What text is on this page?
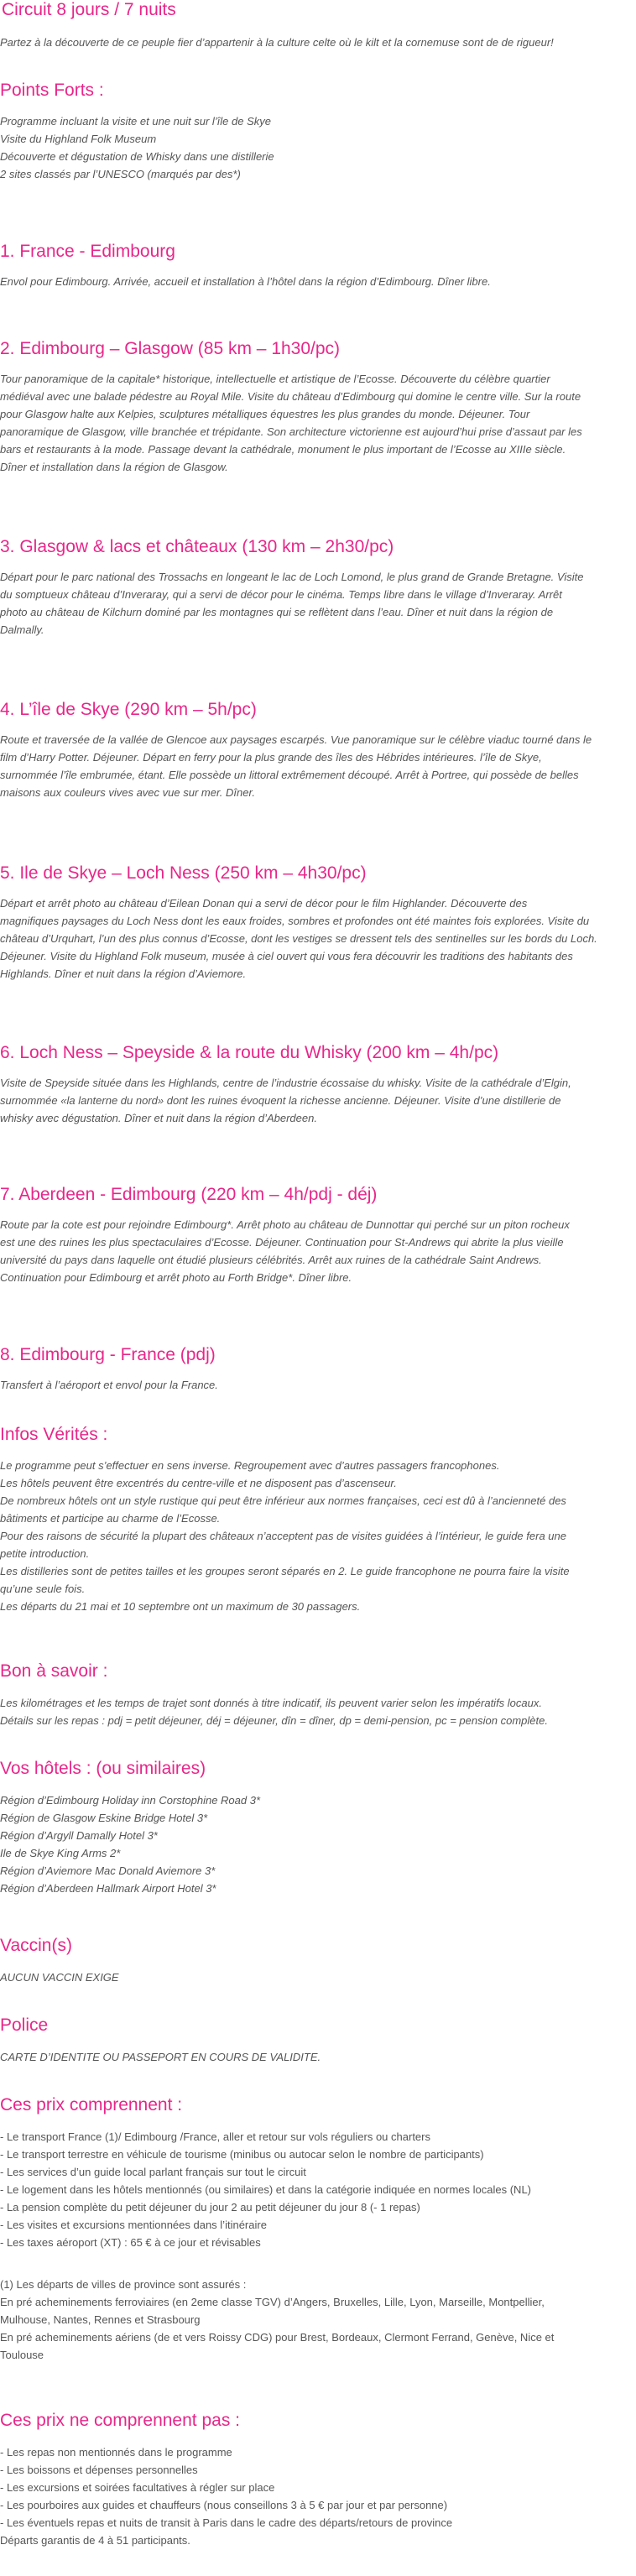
Circuit 8 jours / 7 nuits

Partez à la découverte de ce peuple fier d’appartenir à la culture celte où le kilt et la cornemuse sont de de rigueur!

Points Forts :

Programme incluant la visite et une nuit sur l’île de Skye
Visite du Highland Folk Museum
Découverte et dégustation de Whisky dans une distillerie
2 sites classés par l’UNESCO (marqués par des*)

1. France - Edimbourg

Envol pour Edimbourg. Arrivée, accueil et installation à l’hôtel dans la région d’Edimbourg. Dîner libre.

2. Edimbourg – Glasgow (85 km – 1h30/pc)

Tour panoramique de la capitale* historique, intellectuelle et artistique de l’Ecosse. Découverte du célèbre quartier
médiéval avec une balade pédestre au Royal Mile. Visite du château d’Edimbourg qui domine le centre ville. Sur la route
pour Glasgow halte aux Kelpies, sculptures métalliques équestres les plus grandes du monde. Déjeuner. Tour
panoramique de Glasgow, ville branchée et trépidante. Son architecture victorienne est aujourd’hui prise d’assaut par les
bars et restaurants à la mode. Passage devant la cathédrale, monument le plus important de l’Ecosse au XIIIe siècle.
Dîner et installation dans la région de Glasgow.

3. Glasgow & lacs et châteaux (130 km – 2h30/pc)

Départ pour le parc national des Trossachs en longeant le lac de Loch Lomond, le plus grand de Grande Bretagne. Visite
du somptueux château d’Inveraray, qui a servi de décor pour le cinéma. Temps libre dans le village d’Inveraray. Arrêt
photo au château de Kilchurn dominé par les montagnes qui se reflètent dans l’eau. Dîner et nuit dans la région de
Dalmally.

4. L’île de Skye (290 km – 5h/pc)

Route et traversée de la vallée de Glencoe aux paysages escarpés. Vue panoramique sur le célèbre viaduc tourné dans le
film d’Harry Potter. Déjeuner. Départ en ferry pour la plus grande des îles des Hébrides intérieures. l’île de Skye,
surnommée l’île embrumée, étant. Elle possède un littoral extrêmement découpé. Arrêt à Portree, qui possède de belles
maisons aux couleurs vives avec vue sur mer. Dîner.

5. Ile de Skye – Loch Ness (250 km – 4h30/pc)

Départ et arrêt photo au château d’Eilean Donan qui a servi de décor pour le film Highlander. Découverte des
magnifiques paysages du Loch Ness dont les eaux froides, sombres et profondes ont été maintes fois explorées. Visite du
château d’Urquhart, l’un des plus connus d’Ecosse, dont les vestiges se dressent tels des sentinelles sur les bords du Loch.
Déjeuner. Visite du Highland Folk museum, musée à ciel ouvert qui vous fera découvrir les traditions des habitants des
Highlands. Dîner et nuit dans la région d’Aviemore.

6. Loch Ness – Speyside & la route du Whisky (200 km – 4h/pc)

Visite de Speyside située dans les Highlands, centre de l’industrie écossaise du whisky. Visite de la cathédrale d’Elgin,
surnommée «la lanterne du nord» dont les ruines évoquent la richesse ancienne. Déjeuner. Visite d’une distillerie de
whisky avec dégustation. Dîner et nuit dans la région d’Aberdeen.

7. Aberdeen - Edimbourg (220 km – 4h/pdj - déj)

Route par la cote est pour rejoindre Edimbourg*. Arrêt photo au château de Dunnottar qui perché sur un piton rocheux
est une des ruines les plus spectaculaires d’Ecosse. Déjeuner. Continuation pour St-Andrews qui abrite la plus vieille
université du pays dans laquelle ont étudié plusieurs célébrités. Arrêt aux ruines de la cathédrale Saint Andrews.
Continuation pour Edimbourg et arrêt photo au Forth Bridge*. Dîner libre.

8. Edimbourg - France (pdj)

Transfert à l’aéroport et envol pour la France.

Infos Vérités :

Le programme peut s’effectuer en sens inverse. Regroupement avec d’autres passagers francophones.
Les hôtels peuvent être excentrés du centre-ville et ne disposent pas d’ascenseur.
De nombreux hôtels ont un style rustique qui peut être inférieur aux normes françaises, ceci est dû à l’ancienneté des
bâtiments et participe au charme de l’Ecosse.
Pour des raisons de sécurité la plupart des châteaux n’acceptent pas de visites guidées à l’intérieur, le guide fera une
petite introduction.
Les distilleries sont de petites tailles et les groupes seront séparés en 2. Le guide francophone ne pourra faire la visite
qu’une seule fois.
Les départs du 21 mai et 10 septembre ont un maximum de 30 passagers.

Bon à savoir :

Les kilométrages et les temps de trajet sont donnés à titre indicatif, ils peuvent varier selon les impératifs locaux.
Détails sur les repas : pdj = petit déjeuner, déj = déjeuner, dîn = dîner, dp = demi-pension, pc = pension complète.

Vos hôtels : (ou similaires)

Région d’Edimbourg Holiday inn Corstophine Road 3*
Région de Glasgow Eskine Bridge Hotel 3*
Région d’Argyll Damally Hotel 3*
Ile de Skye King Arms 2*
Région d’Aviemore Mac Donald Aviemore 3*
Région d’Aberdeen Hallmark Airport Hotel 3*

Vaccin(s)

AUCUN VACCIN EXIGE

Police

CARTE D’IDENTITE OU PASSEPORT EN COURS DE VALIDITE.

Ces prix comprennent :

- Le transport France (1)/ Edimbourg /France, aller et retour sur vols réguliers ou charters
- Le transport terrestre en véhicule de tourisme (minibus ou autocar selon le nombre de participants)
- Les services d’un guide local parlant français sur tout le circuit
- Le logement dans les hôtels mentionnés (ou similaires) et dans la catégorie indiquée en normes locales (NL)
- La pension complète du petit déjeuner du jour 2 au petit déjeuner du jour 8 (- 1 repas)
- Les visites et excursions mentionnées dans l’itinéraire
- Les taxes aéroport (XT) : 65 € à ce jour et révisables

(1) Les départs de villes de province sont assurés :
En pré acheminements ferroviaires (en 2eme classe TGV) d’Angers, Bruxelles, Lille, Lyon, Marseille, Montpellier,
Mulhouse, Nantes, Rennes et Strasbourg
En pré acheminements aériens (de et vers Roissy CDG) pour Brest, Bordeaux, Clermont Ferrand, Genève, Nice et
Toulouse

Ces prix ne comprennent pas :

- Les repas non mentionnés dans le programme
- Les boissons et dépenses personnelles
- Les excursions et soirées facultatives à régler sur place
- Les pourboires aux guides et chauffeurs (nous conseillons 3 à 5 € par jour et par personne)
- Les éventuels repas et nuits de transit à Paris dans le cadre des départs/retours de province
Départs garantis de 4 à 51 participants.
